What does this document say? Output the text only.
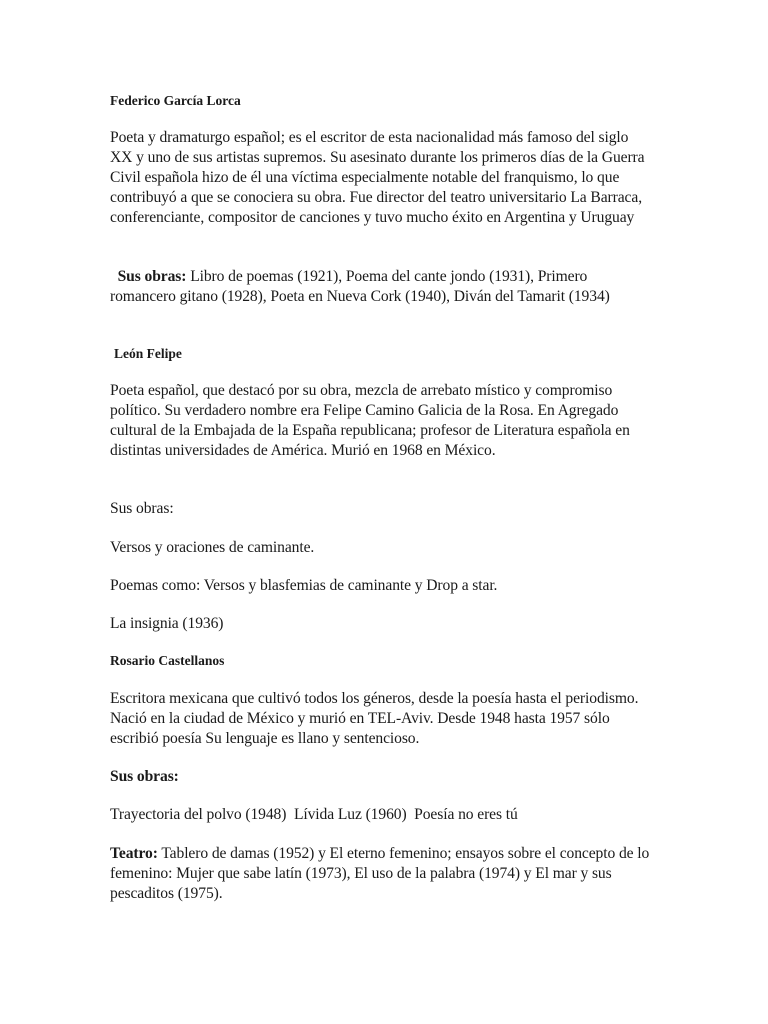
Federico García Lorca

Poeta y dramaturgo español; es el escritor de esta nacionalidad más famoso del siglo XX y uno de sus artistas supremos. Su asesinato durante los primeros días de la Guerra Civil española hizo de él una víctima especialmente notable del franquismo, lo que contribuyó a que se conociera su obra. Fue director del teatro universitario La Barraca, conferenciante, compositor de canciones y tuvo mucho éxito en Argentina y Uruguay

Sus obras: Libro de poemas (1921), Poema del cante jondo (1931), Primero romancero gitano (1928), Poeta en Nueva Cork (1940), Diván del Tamarit (1934)

León Felipe

Poeta español, que destacó por su obra, mezcla de arrebato místico y compromiso político. Su verdadero nombre era Felipe Camino Galicia de la Rosa. En Agregado cultural de la Embajada de la España republicana; profesor de Literatura española en distintas universidades de América. Murió en 1968 en México.

Sus obras:

Versos y oraciones de caminante.

Poemas como: Versos y blasfemias de caminante y Drop a star.

La insignia (1936)

Rosario Castellanos

Escritora mexicana que cultivó todos los géneros, desde la poesía hasta el periodismo. Nació en la ciudad de México y murió en TEL-Aviv. Desde 1948 hasta 1957 sólo escribió poesía Su lenguaje es llano y sentencioso.

Sus obras:

Trayectoria del polvo (1948)  Lívida Luz (1960)  Poesía no eres tú

Teatro: Tablero de damas (1952) y El eterno femenino; ensayos sobre el concepto de lo femenino: Mujer que sabe latín (1973), El uso de la palabra (1974) y El mar y sus pescaditos (1975).
